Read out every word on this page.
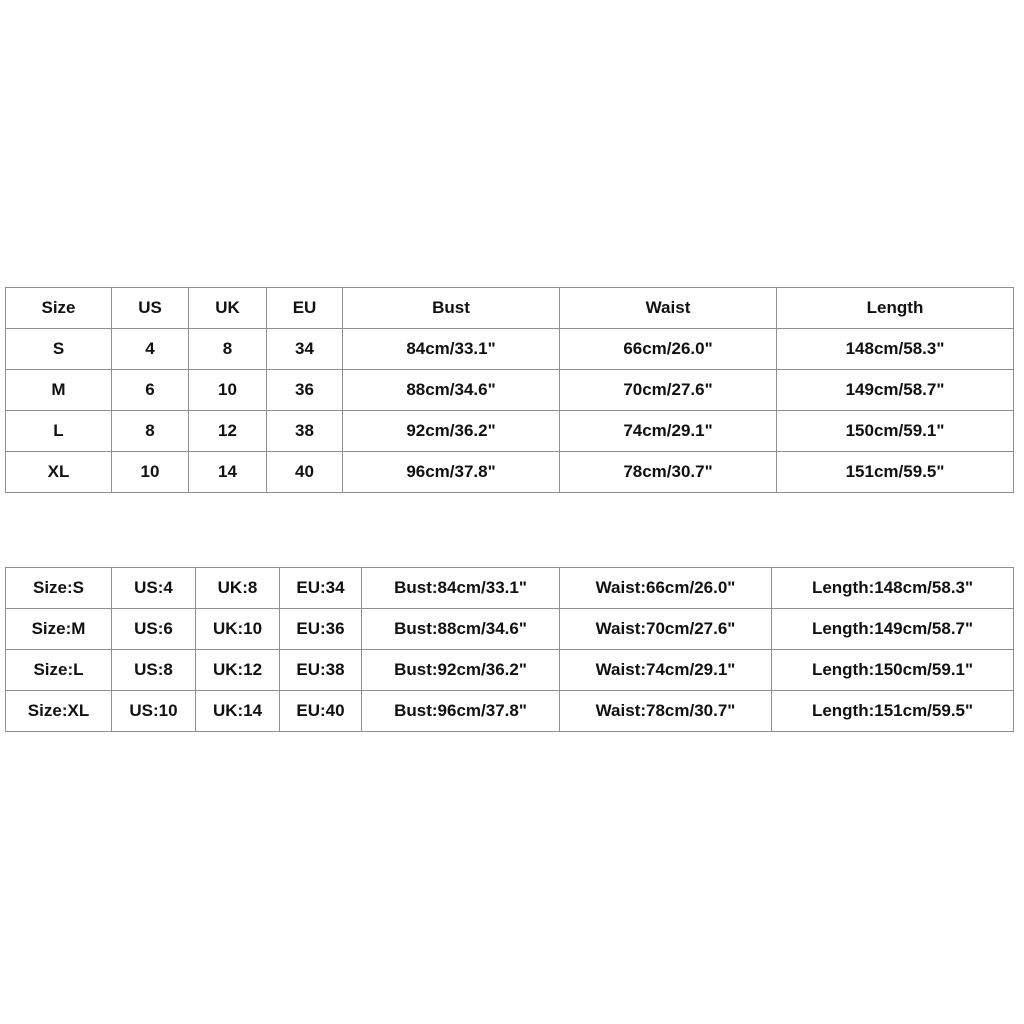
Size	US	UK	EU	Bust	Waist	Length
S	4	8	34	84cm/33.1"	66cm/26.0"	148cm/58.3"
M	6	10	36	88cm/34.6"	70cm/27.6"	149cm/58.7"
L	8	12	38	92cm/36.2"	74cm/29.1"	150cm/59.1"
XL	10	14	40	96cm/37.8"	78cm/30.7"	151cm/59.5"
Size:S	US:4	UK:8	EU:34	Bust:84cm/33.1"	Waist:66cm/26.0"	Length:148cm/58.3"
Size:M	US:6	UK:10	EU:36	Bust:88cm/34.6"	Waist:70cm/27.6"	Length:149cm/58.7"
Size:L	US:8	UK:12	EU:38	Bust:92cm/36.2"	Waist:74cm/29.1"	Length:150cm/59.1"
Size:XL	US:10	UK:14	EU:40	Bust:96cm/37.8"	Waist:78cm/30.7"	Length:151cm/59.5"
